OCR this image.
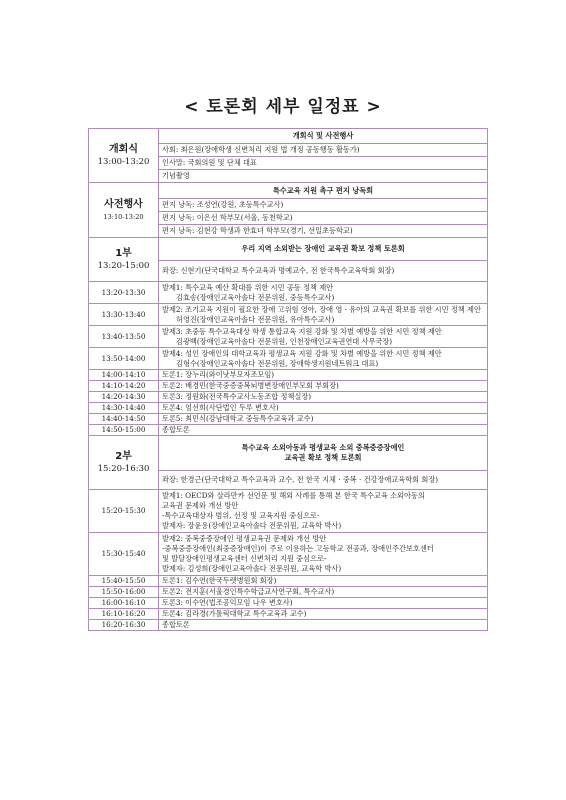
< 토론회 세부 일정표 >
개회식
13:00-13:20	개회식 및 사전행사
	사회: 최은원(장애학생 신변처리 지원 법 개정 공동행동 활동가)
	인사말: 국회의원 및 단체 대표
	기념촬영

사전행사
13:10-13:20	특수교육 지원 촉구 편지 낭독회
	편지 낭독: 조성연(강원, 초등특수교사)
	편지 낭독: 이은선 학부모(서울, 동천학교)
	편지 낭독: 김현강 학생과 한효녀 학부모(경기, 선일초등학교)

1부
13:20-15:00	우리 지역 소외받는 장애인 교육권 확보 정책 토론회
	좌장: 신현기(단국대학교 특수교육과 명예교수, 전 한국특수교육학회 회장)
13:20-13:30	발제1: 특수교육 예산 확대를 위한 시민 공동 정책 제안
김효송(장애인교육아솔다 전문위원, 중등특수교사)

13:30-13:40	발제2: 조기교육 지원이 필요한 장애 고위험 영아, 장애 영 · 유아의 교육권 확보를 위한 시민 정책 제안
허영진(장애인교육아솔다 전문위원, 유아특수교사)

13:40-13:50	발제3: 초중등 특수교육대상 학생 통합교육 지원 강화 및 차별 예방을 위한 시민 정책 제안
김광백(장애인교육아솔다 전문위원, 인천장애인교육권연대 사무국장)

13:50-14:00	발제4: 성인 장애인의 대학교육과 평생교육 지원 강화 및 차별 예방을 위한 시민 정책 제안
김형수(장애인교육아솔다 전문위원, 장애학생지원네트워크 대표)

14:00-14:10	토론1: 장누리(와이낫부모자조모임)

14:10-14:20	토론2: 배경민(한국중증중복뇌병변장애인부모회 부회장)

14:20-14:30	토론3: 정원화(전국특수교사노동조합 정책실장)

14:30-14:40	토론4: 엄선희(사단법인 두루 변호사)

14:40-14:50	토론5: 최민식(강남대학교 중등특수교육과 교수)

14:50-15:00	종합토론

2부
15:20-16:30	특수교육 소외아동과 평생교육 소외 중복중증장애인
교육권 확보 정책 토론회

	좌장: 한경근(단국대학교 특수교육과 교수, 전 한국 지체 · 중복 · 건강장애교육학회 회장)
15:20-15:30	발제1: OECD와 살라만카 선언문 및 해외 사례를 통해 본 한국 특수교육 소외아동의
교육권 문제와 개선 방안
-특수교육대상자 범위, 선정 및 교육지원 중심으로-
발제자: 장윤용(장애인교육아솔다 전문위원, 교육학 박사)

15:30-15:40	발제2: 중복중증장애인 평생교육권 문제와 개선 방안
-중복중증장애인(최중증장애인)이 주로 이용하는 고등학교 전공과, 장애인주간보호센터
및 발달장애인평생교육센터 신변처리 지원 중심으로-
발제자: 김성희(장애인교육아솔다 전문위원, 교육학 박사)

15:40-15:50	토론1: 김수연(한국두렛병원회 회장)

15:50-16:00	토론2: 전지훈(서울경인특수학급교사연구회, 특수교사)

16:00-16:10	토론3: 이수연(법조공익모임 나우 변호사)

16:10-16:20	토론4: 김라경(가톨릭대학교 특수교육과 교수)

16:20-16:30	종합토론
